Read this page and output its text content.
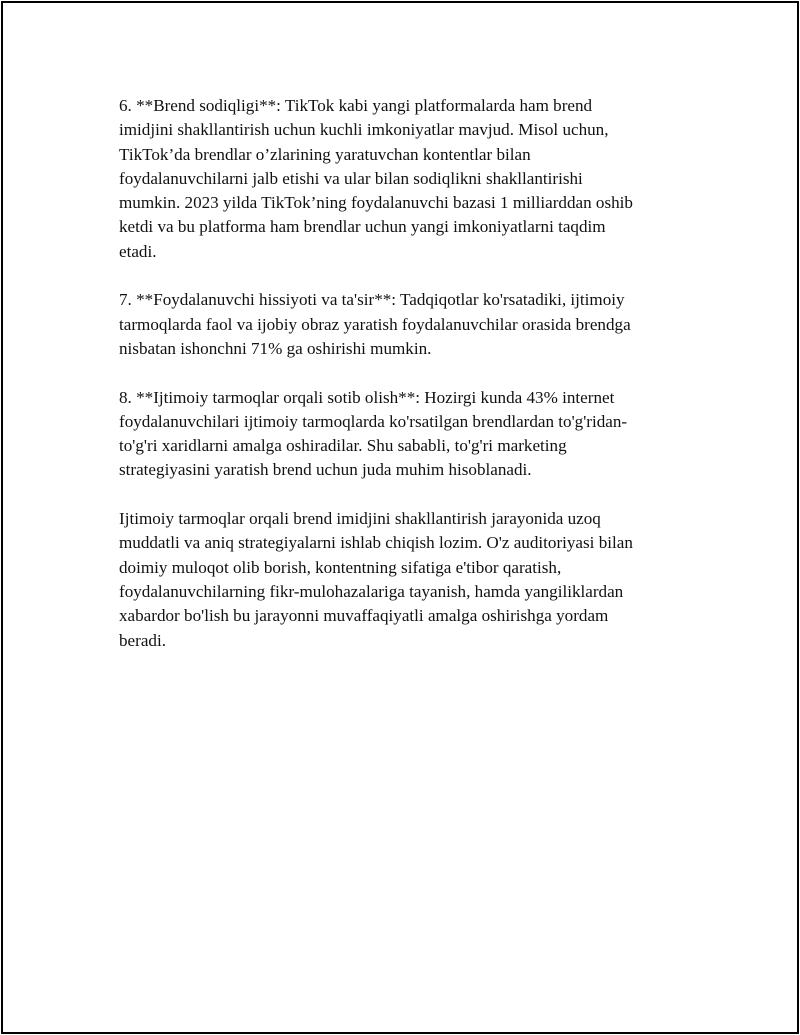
6. **Brend sodiqligi**: TikTok kabi yangi platformalarda ham brend
imidjini shakllantirish uchun kuchli imkoniyatlar mavjud. Misol uchun,
TikTok’da brendlar o’zlarining yaratuvchan kontentlar bilan
foydalanuvchilarni jalb etishi va ular bilan sodiqlikni shakllantirishi
mumkin. 2023 yilda TikTok’ning foydalanuvchi bazasi 1 milliarddan oshib
ketdi va bu platforma ham brendlar uchun yangi imkoniyatlarni taqdim
etadi.

7. **Foydalanuvchi hissiyoti va ta'sir**: Tadqiqotlar ko'rsatadiki, ijtimoiy
tarmoqlarda faol va ijobiy obraz yaratish foydalanuvchilar orasida brendga
nisbatan ishonchni 71% ga oshirishi mumkin.

8. **Ijtimoiy tarmoqlar orqali sotib olish**: Hozirgi kunda 43% internet
foydalanuvchilari ijtimoiy tarmoqlarda ko'rsatilgan brendlardan to'g'ridan-
to'g'ri xaridlarni amalga oshiradilar. Shu sababli, to'g'ri marketing
strategiyasini yaratish brend uchun juda muhim hisoblanadi.

Ijtimoiy tarmoqlar orqali brend imidjini shakllantirish jarayonida uzoq
muddatli va aniq strategiyalarni ishlab chiqish lozim. O'z auditoriyasi bilan
doimiy muloqot olib borish, kontentning sifatiga e'tibor qaratish,
foydalanuvchilarning fikr-mulohazalariga tayanish, hamda yangiliklardan
xabardor bo'lish bu jarayonni muvaffaqiyatli amalga oshirishga yordam
beradi.
